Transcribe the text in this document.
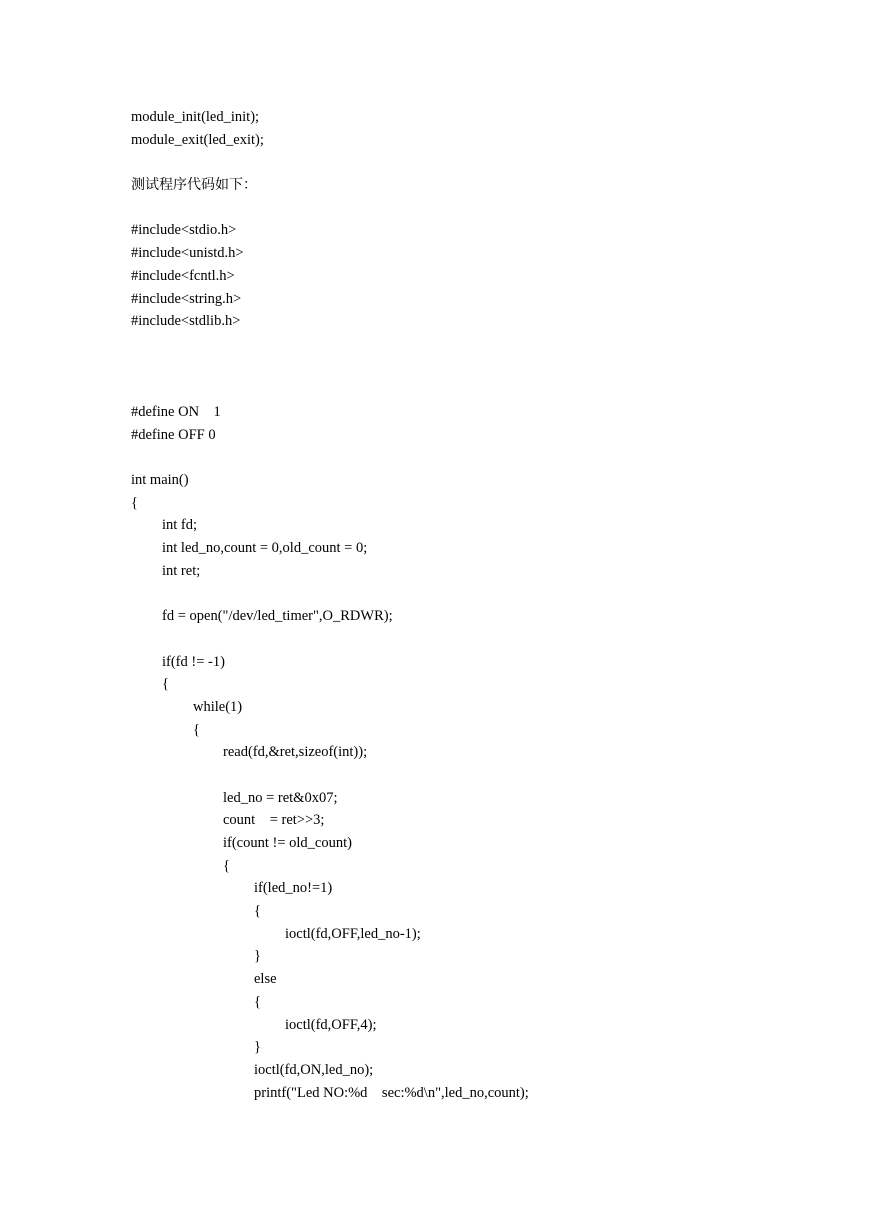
module_init(led_init);
module_exit(led_exit);
测试程序代码如下：
#include<stdio.h>
#include<unistd.h>
#include<fcntl.h>
#include<string.h>
#include<stdlib.h>
#define ON    1
#define OFF 0
int main()
{
int fd;
int led_no,count = 0,old_count = 0;
int ret;
fd = open("/dev/led_timer",O_RDWR);
if(fd != -1)
{
while(1)
{
read(fd,&ret,sizeof(int));
led_no = ret&0x07;
count    = ret>>3;
if(count != old_count)
{
if(led_no!=1)
{
ioctl(fd,OFF,led_no-1);
}
else
{
ioctl(fd,OFF,4);
}
ioctl(fd,ON,led_no);
printf("Led NO:%d    sec:%d\n",led_no,count);
